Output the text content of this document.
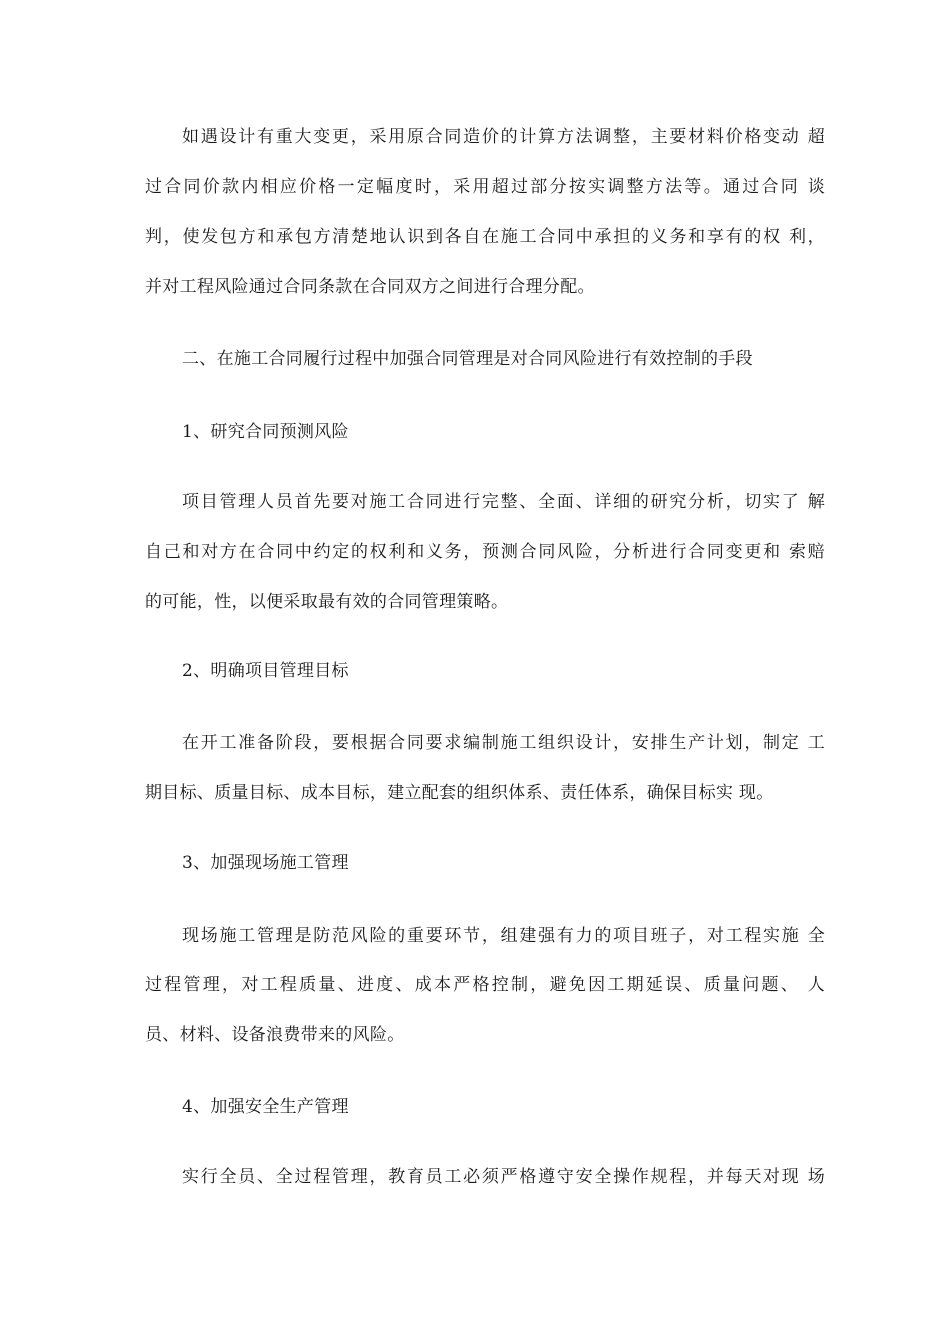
如遇设计有重大变更，采用原合同造价的计算方法调整，主要材料价格变动 超
过合同价款内相应价格一定幅度时，采用超过部分按实调整方法等。通过合同 谈
判，使发包方和承包方清楚地认识到各自在施工合同中承担的义务和享有的权 利，
并对工程风险通过合同条款在合同双方之间进行合理分配。
二、在施工合同履行过程中加强合同管理是对合同风险进行有效控制的手段
1、研究合同预测风险
项目管理人员首先要对施工合同进行完整、全面、详细的研究分析，切实了 解
自己和对方在合同中约定的权利和义务，预测合同风险，分析进行合同变更和 索赔
的可能，性，以便采取最有效的合同管理策略。
2、明确项目管理目标
在开工准备阶段，要根据合同要求编制施工组织设计，安排生产计划，制定 工
期目标、质量目标、成本目标，建立配套的组织体系、责任体系，确保目标实 现。
3、加强现场施工管理
现场施工管理是防范风险的重要环节，组建强有力的项目班子，对工程实施 全
过程管理，对工程质量、进度、成本严格控制，避免因工期延误、质量问题、 人
员、材料、设备浪费带来的风险。
4、加强安全生产管理
实行全员、全过程管理，教育员工必须严格遵守安全操作规程，并每天对现 场
